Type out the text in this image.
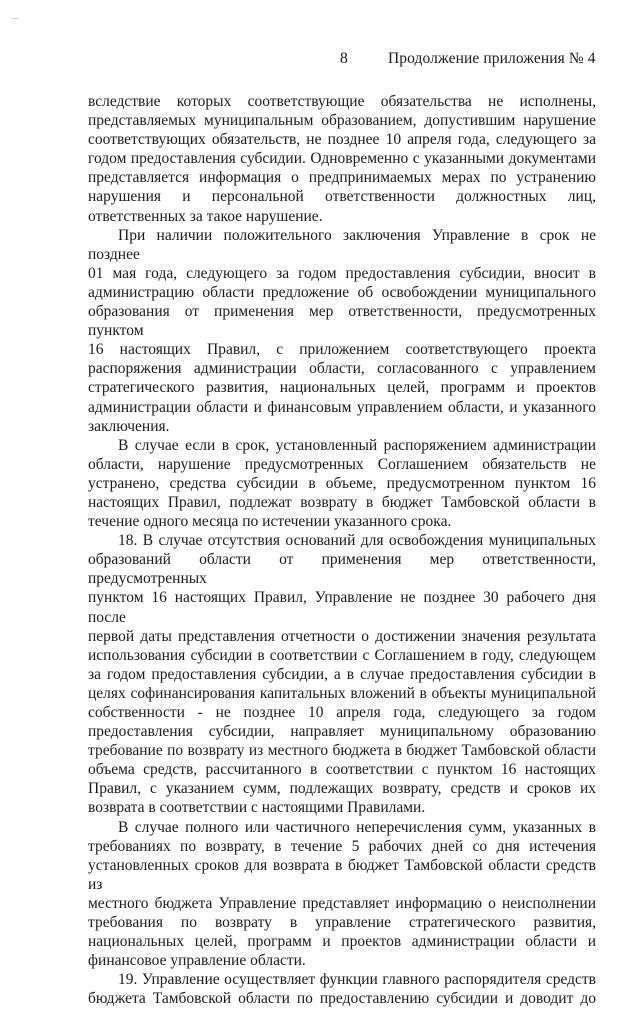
8	Продолжение приложения № 4

вследствие которых соответствующие обязательства не исполнены,

представляемых муниципальным образованием, допустившим нарушение

соответствующих обязательств, не позднее 10 апреля года, следующего за

годом предоставления субсидии. Одновременно с указанными документами

представляется информация о предпринимаемых мерах по устранению

нарушения и персональной ответственности должностных лиц,

ответственных за такое нарушение.

При наличии положительного заключения Управление в срок не позднее

01 мая года, следующего за годом предоставления субсидии, вносит в

администрацию области предложение об освобождении муниципального

образования от применения мер ответственности, предусмотренных пунктом

16 настоящих Правил, с приложением соответствующего проекта

распоряжения администрации области, согласованного с управлением

стратегического развития, национальных целей, программ и проектов

администрации области и финансовым управлением области, и указанного

заключения.

В случае если в срок, установленный распоряжением администрации

области, нарушение предусмотренных Соглашением обязательств не

устранено, средства субсидии в объеме, предусмотренном пунктом 16

настоящих Правил, подлежат возврату в бюджет Тамбовской области в

течение одного месяца по истечении указанного срока.

18. В случае отсутствия оснований для освобождения муниципальных

образований области от применения мер ответственности, предусмотренных

пунктом 16 настоящих Правил, Управление не позднее 30 рабочего дня после

первой даты представления отчетности о достижении значения результата

использования субсидии в соответствии с Соглашением в году, следующем

за годом предоставления субсидии, а в случае предоставления субсидии в

целях софинансирования капитальных вложений в объекты муниципальной

собственности - не позднее 10 апреля года, следующего за годом

предоставления субсидии, направляет муниципальному образованию

требование по возврату из местного бюджета в бюджет Тамбовской области

объема средств, рассчитанного в соответствии с пунктом 16 настоящих

Правил, с указанием сумм, подлежащих возврату, средств и сроков их

возврата в соответствии с настоящими Правилами.

В случае полного или частичного неперечисления сумм, указанных в

требованиях по возврату, в течение 5 рабочих дней со дня истечения

установленных сроков для возврата в бюджет Тамбовской области средств из

местного бюджета Управление представляет информацию о неисполнении

требования по возврату в управление стратегического развития,

национальных целей, программ и проектов администрации области и

финансовое управление области.

19. Управление осуществляет функции главного распорядителя средств

бюджета Тамбовской области по предоставлению субсидии и доводит до
